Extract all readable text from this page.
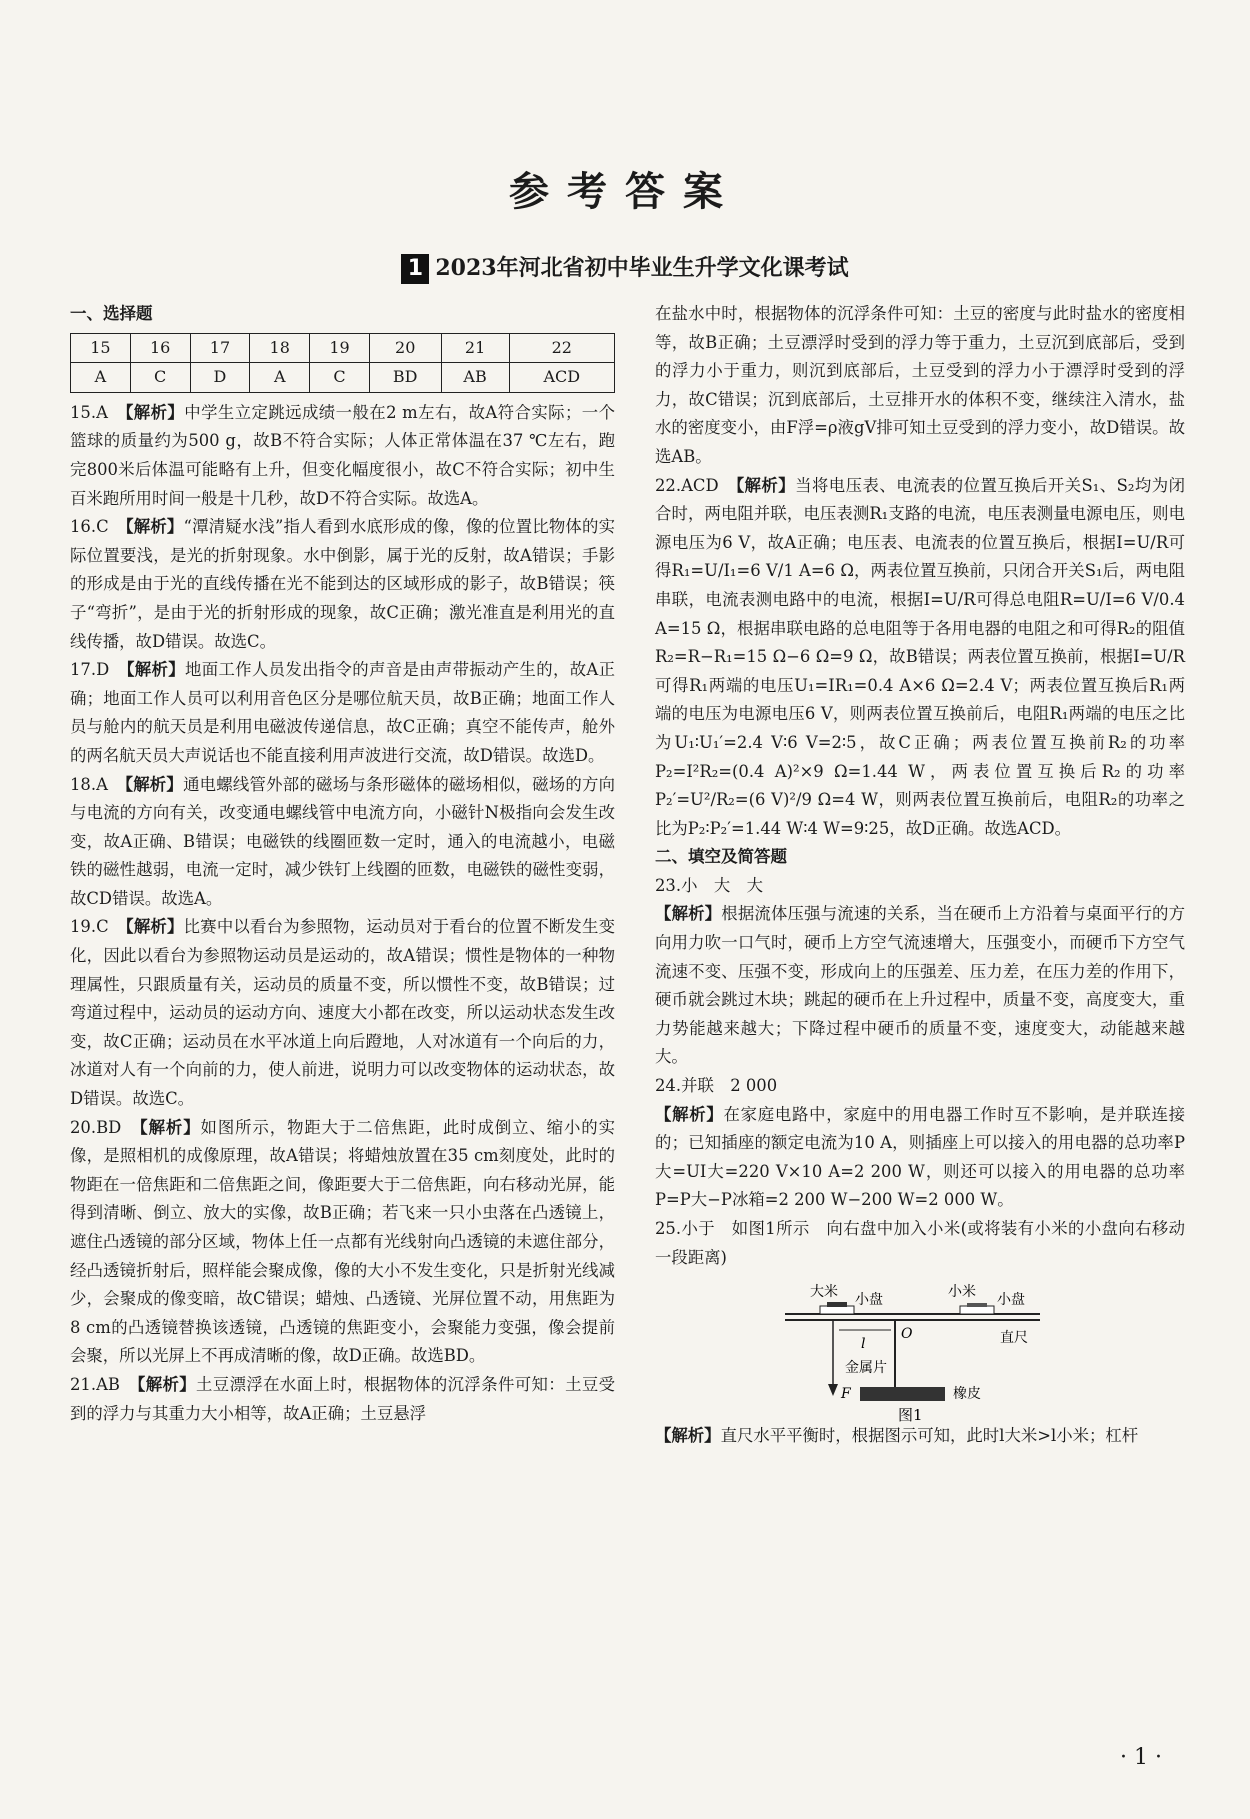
参考答案
1 2023年河北省初中毕业生升学文化课考试
一、选择题
15	16	17	18	19	20	21	22
A	C	D	A	C	BD	AB	ACD

15.A　 【解析】中学生立定跳远成绩一般在2 m左右，故A符合实际；一个篮球的质量约为500 g，故B不符合实际；人体正常体温在37 ℃左右，跑完800米后体温可能略有上升，但变化幅度很小，故C不符合实际；初中生百米跑所用时间一般是十几秒，故D不符合实际。故选A。

16.C　 【解析】“潭清疑水浅”指人看到水底形成的像，像的位置比物体的实际位置要浅，是光的折射现象。水中倒影，属于光的反射，故A错误；手影的形成是由于光的直线传播在光不能到达的区域形成的影子，故B错误；筷子“弯折”，是由于光的折射形成的现象，故C正确；激光准直是利用光的直线传播，故D错误。故选C。

17.D　 【解析】地面工作人员发出指令的声音是由声带振动产生的，故A正确；地面工作人员可以利用音色区分是哪位航天员，故B正确；地面工作人员与舱内的航天员是利用电磁波传递信息，故C正确；真空不能传声，舱外的两名航天员大声说话也不能直接利用声波进行交流，故D错误。故选D。

18.A　 【解析】通电螺线管外部的磁场与条形磁体的磁场相似，磁场的方向与电流的方向有关，改变通电螺线管中电流方向，小磁针N极指向会发生改变，故A正确、B错误；电磁铁的线圈匝数一定时，通入的电流越小，电磁铁的磁性越弱，电流一定时，减少铁钉上线圈的匝数，电磁铁的磁性变弱，故CD错误。故选A。

19.C　 【解析】比赛中以看台为参照物，运动员对于看台的位置不断发生变化，因此以看台为参照物运动员是运动的，故A错误；惯性是物体的一种物理属性，只跟质量有关，运动员的质量不变，所以惯性不变，故B错误；过弯道过程中，运动员的运动方向、速度大小都在改变，所以运动状态发生改变，故C正确；运动员在水平冰道上向后蹬地，人对冰道有一个向后的力，冰道对人有一个向前的力，使人前进，说明力可以改变物体的运动状态，故D错误。故选C。

20.BD　 【解析】如图所示，物距大于二倍焦距，此时成倒立、缩小的实像，是照相机的成像原理，故A错误；将蜡烛放置在35 cm刻度处，此时的物距在一倍焦距和二倍焦距之间，像距要大于二倍焦距，向右移动光屏，能得到清晰、倒立、放大的实像，故B正确；若飞来一只小虫落在凸透镜上，遮住凸透镜的部分区域，物体上任一点都有光线射向凸透镜的未遮住部分，经凸透镜折射后，照样能会聚成像，像的大小不发生变化，只是折射光线减少，会聚成的像变暗，故C错误；蜡烛、凸透镜、光屏位置不动，用焦距为8 cm的凸透镜替换该透镜，凸透镜的焦距变小，会聚能力变强，像会提前会聚，所以光屏上不再成清晰的像，故D正确。故选BD。

21.AB　 【解析】土豆漂浮在水面上时，根据物体的沉浮条件可知：土豆受到的浮力与其重力大小相等，故A正确；土豆悬浮

在盐水中时，根据物体的沉浮条件可知：土豆的密度与此时盐水的密度相等，故B正确；土豆漂浮时受到的浮力等于重力，土豆沉到底部后，受到的浮力小于重力，则沉到底部后，土豆受到的浮力小于漂浮时受到的浮力，故C错误；沉到底部后，土豆排开水的体积不变，继续注入清水，盐水的密度变小，由F浮=ρ液gV排可知土豆受到的浮力变小，故D错误。故选AB。

22.ACD　 【解析】当将电压表、电流表的位置互换后开关S₁、S₂均为闭合时，两电阻并联，电压表测R₁支路的电流，电压表测量电源电压，则电源电压为6 V，故A正确；电压表、电流表的位置互换后，根据I=U/R可得R₁=U/I₁=6 V/1 A=6 Ω，两表位置互换前，只闭合开关S₁后，两电阻串联，电流表测电路中的电流，根据I=U/R可得总电阻R=U/I=6 V/0.4 A=15 Ω，根据串联电路的总电阻等于各用电器的电阻之和可得R₂的阻值R₂=R−R₁=15 Ω−6 Ω=9 Ω，故B错误；两表位置互换前，根据I=U/R可得R₁两端的电压U₁=IR₁=0.4 A×6 Ω=2.4 V；两表位置互换后R₁两端的电压为电源电压6 V，则两表位置互换前后，电阻R₁两端的电压之比为U₁∶U₁′=2.4 V∶6 V=2∶5，故C正确；两表位置互换前R₂的功率P₂=I²R₂=(0.4 A)²×9 Ω=1.44 W，两表位置互换后R₂的功率P₂′=U²/R₂=(6 V)²/9 Ω=4 W，则两表位置互换前后，电阻R₂的功率之比为P₂∶P₂′=1.44 W∶4 W=9∶25，故D正确。故选ACD。

二、填空及简答题

23.小　大　大

【解析】根据流体压强与流速的关系，当在硬币上方沿着与桌面平行的方向用力吹一口气时，硬币上方空气流速增大，压强变小，而硬币下方空气流速不变、压强不变，形成向上的压强差、压力差，在压力差的作用下，硬币就会跳过木块；跳起的硬币在上升过程中，质量不变，高度变大，重力势能越来越大；下降过程中硬币的质量不变，速度变大，动能越来越大。

24.并联　2 000

【解析】在家庭电路中，家庭中的用电器工作时互不影响，是并联连接的；已知插座的额定电流为10 A，则插座上可以接入的用电器的总功率P大=UI大=220 V×10 A=2 200 W，则还可以接入的用电器的总功率P=P大−P冰箱=2 200 W−200 W=2 000 W。

25.小于　如图1所示　向右盘中加入小米(或将装有小米的小盘向右移动一段距离)

大米 小盘	小米 小盘
O	直尺
l
F
金属片
橡皮
图1

【解析】直尺水平平衡时，根据图示可知，此时l大米>l小米；杠杆

· 1 ·
